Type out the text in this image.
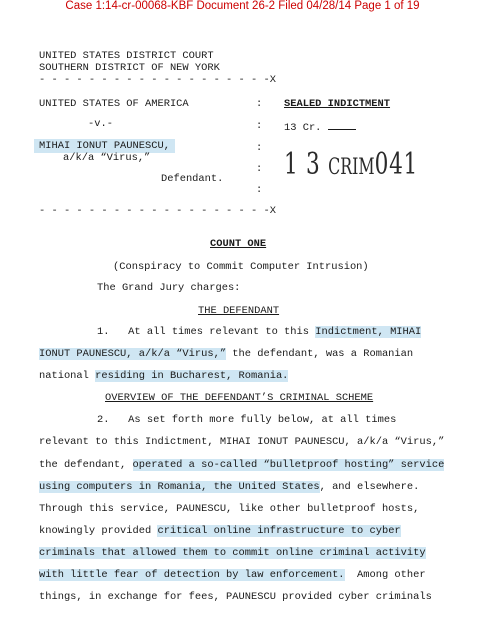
Case 1:14-cr-00068-KBF Document 26-2 Filed 04/28/14 Page 1 of 19
UNITED STATES DISTRICT COURT
SOUTHERN DISTRICT OF NEW YORK
- - - - - - - - - - - - - - - - - - -X
UNITED STATES OF AMERICA
-v.-
MIHAI IONUT PAUNESCU,
a/k/a “Virus,”
Defendant.
- - - - - - - - - - - - - - - - - - -X
:
:
:
:
:
SEALED INDICTMENT
13 Cr.
1 3 CRIM041
COUNT ONE
(Conspiracy to Commit Computer Intrusion)
The Grand Jury charges:
THE DEFENDANT
1.   At all times relevant to this Indictment, MIHAI
IONUT PAUNESCU, a/k/a “Virus,” the defendant, was a Romanian
national residing in Bucharest, Romania.
OVERVIEW OF THE DEFENDANT’S CRIMINAL SCHEME
2.   As set forth more fully below, at all times
relevant to this Indictment, MIHAI IONUT PAUNESCU, a/k/a “Virus,”
the defendant, operated a so-called “bulletproof hosting” service
using computers in Romania, the United States, and elsewhere.
Through this service, PAUNESCU, like other bulletproof hosts,
knowingly provided critical online infrastructure to cyber
criminals that allowed them to commit online criminal activity
with little fear of detection by law enforcement.  Among other
things, in exchange for fees, PAUNESCU provided cyber criminals
